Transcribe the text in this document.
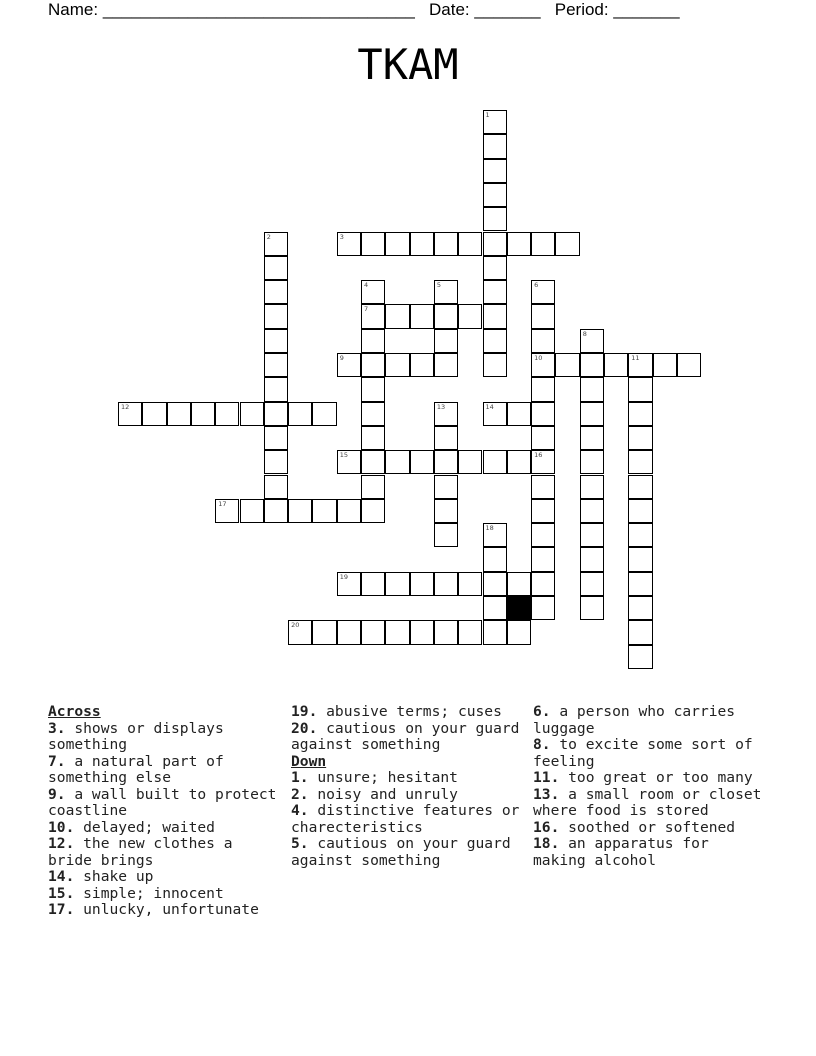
Name: _________________________________ Date: _______ Period: _______
TKAM
1
3
2
4
7
5	6
10
8
9	11
12	13	14
15	16
17
18
19
20
Across
3. shows or displays something
7. a natural part of something else
9. a wall built to protect coastline
10. delayed; waited
12. the new clothes a bride brings
14. shake up
15. simple; innocent
17. unlucky, unfortunate
19. abusive terms; cuses
20. cautious on your guard against something
Down
1. unsure; hesitant
2. noisy and unruly
4. distinctive features or charecteristics
5. cautious on your guard against something
6. a person who carries luggage
8. to excite some sort of feeling
11. too great or too many
13. a small room or closet where food is stored
16. soothed or softened
18. an apparatus for making alcohol
